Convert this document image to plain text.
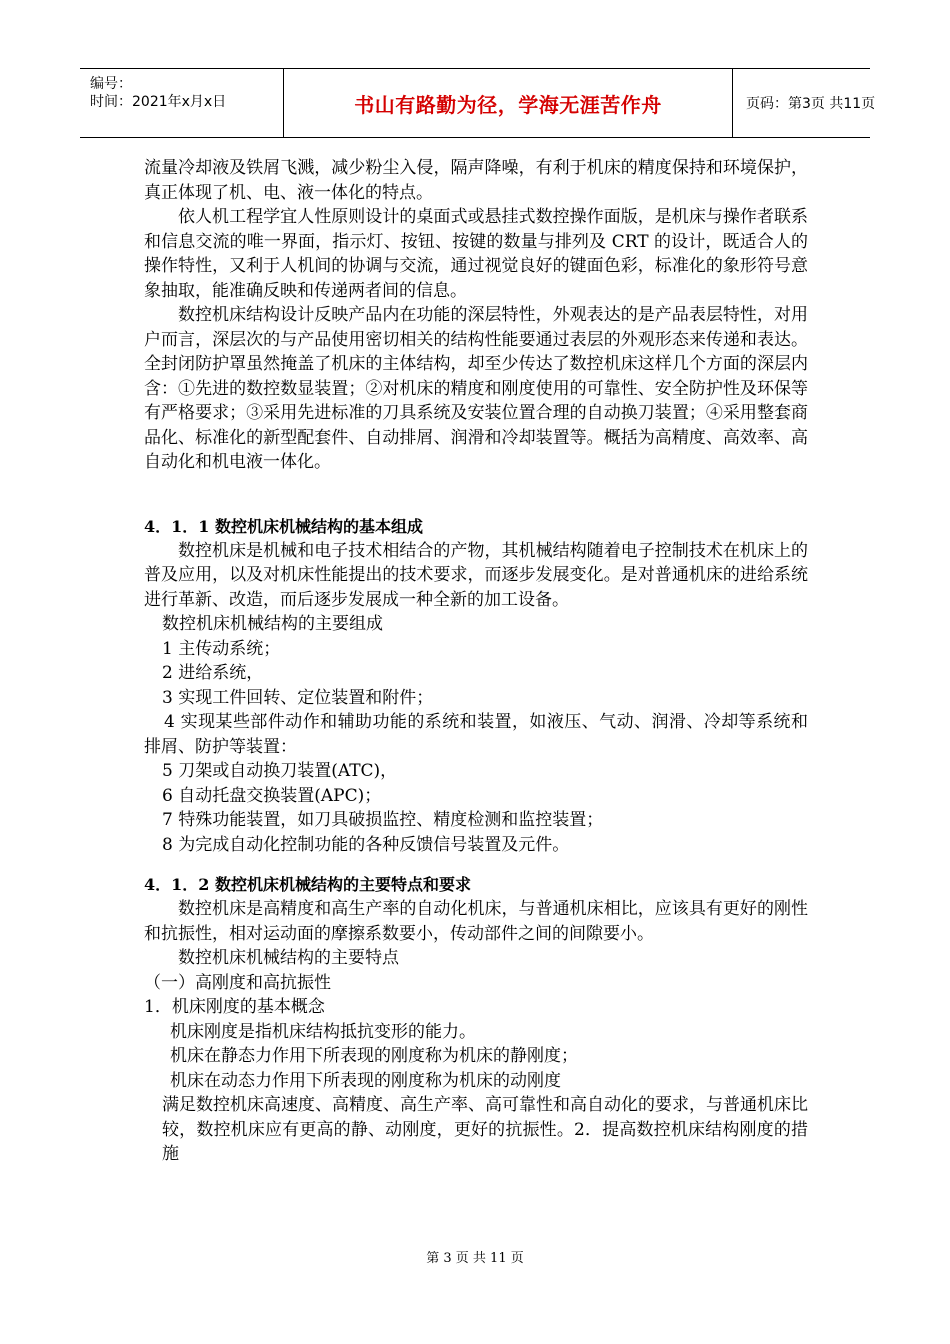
编号：
时间：2021年x月x日	书山有路勤为径，学海无涯苦作舟	页码：第3页 共11页

流量冷却液及铁屑飞溅，减少粉尘入侵，隔声降噪，有利于机床的精度保持和环境保护，真正体现了机、电、液一体化的特点。

依人机工程学宜人性原则设计的桌面式或悬挂式数控操作面版，是机床与操作者联系和信息交流的唯一界面，指示灯、按钮、按键的数量与排列及 CRT 的设计，既适合人的操作特性，又利于人机间的协调与交流，通过视觉良好的键面色彩，标准化的象形符号意象抽取，能准确反映和传递两者间的信息。

数控机床结构设计反映产品内在功能的深层特性，外观表达的是产品表层特性，对用户而言，深层次的与产品使用密切相关的结构性能要通过表层的外观形态来传递和表达。全封闭防护罩虽然掩盖了机床的主体结构，却至少传达了数控机床这样几个方面的深层内含：①先进的数控数显装置；②对机床的精度和刚度使用的可靠性、安全防护性及环保等有严格要求；③采用先进标准的刀具系统及安装位置合理的自动换刀装置；④采用整套商品化、标准化的新型配套件、自动排屑、润滑和冷却装置等。概括为高精度、高效率、高自动化和机电液一体化。

4．1．1 数控机床机械结构的基本组成

数控机床是机械和电子技术相结合的产物，其机械结构随着电子控制技术在机床上的普及应用，以及对机床性能提出的技术要求，而逐步发展变化。是对普通机床的进给系统进行革新、改造，而后逐步发展成一种全新的加工设备。

数控机床机械结构的主要组成

1 主传动系统；

2 进给系统，

3 实现工件回转、定位装置和附件；

4 实现某些部件动作和辅助功能的系统和装置，如液压、气动、润滑、冷却等系统和排屑、防护等装置：

5 刀架或自动换刀装置(ATC)，

6 自动托盘交换装置(APC)；

7 特殊功能装置，如刀具破损监控、精度检测和监控装置；

8 为完成自动化控制功能的各种反馈信号装置及元件。

4．1．2 数控机床机械结构的主要特点和要求

数控机床是高精度和高生产率的自动化机床，与普通机床相比，应该具有更好的刚性和抗振性，相对运动面的摩擦系数要小，传动部件之间的间隙要小。

数控机床机械结构的主要特点

（一）高刚度和高抗振性

1．机床刚度的基本概念

机床刚度是指机床结构抵抗变形的能力。

机床在静态力作用下所表现的刚度称为机床的静刚度；

机床在动态力作用下所表现的刚度称为机床的动刚度

满足数控机床高速度、高精度、高生产率、高可靠性和高自动化的要求，与普通机床比较，数控机床应有更高的静、动刚度，更好的抗振性。2．提高数控机床结构刚度的措施

第 3 页 共 11 页
